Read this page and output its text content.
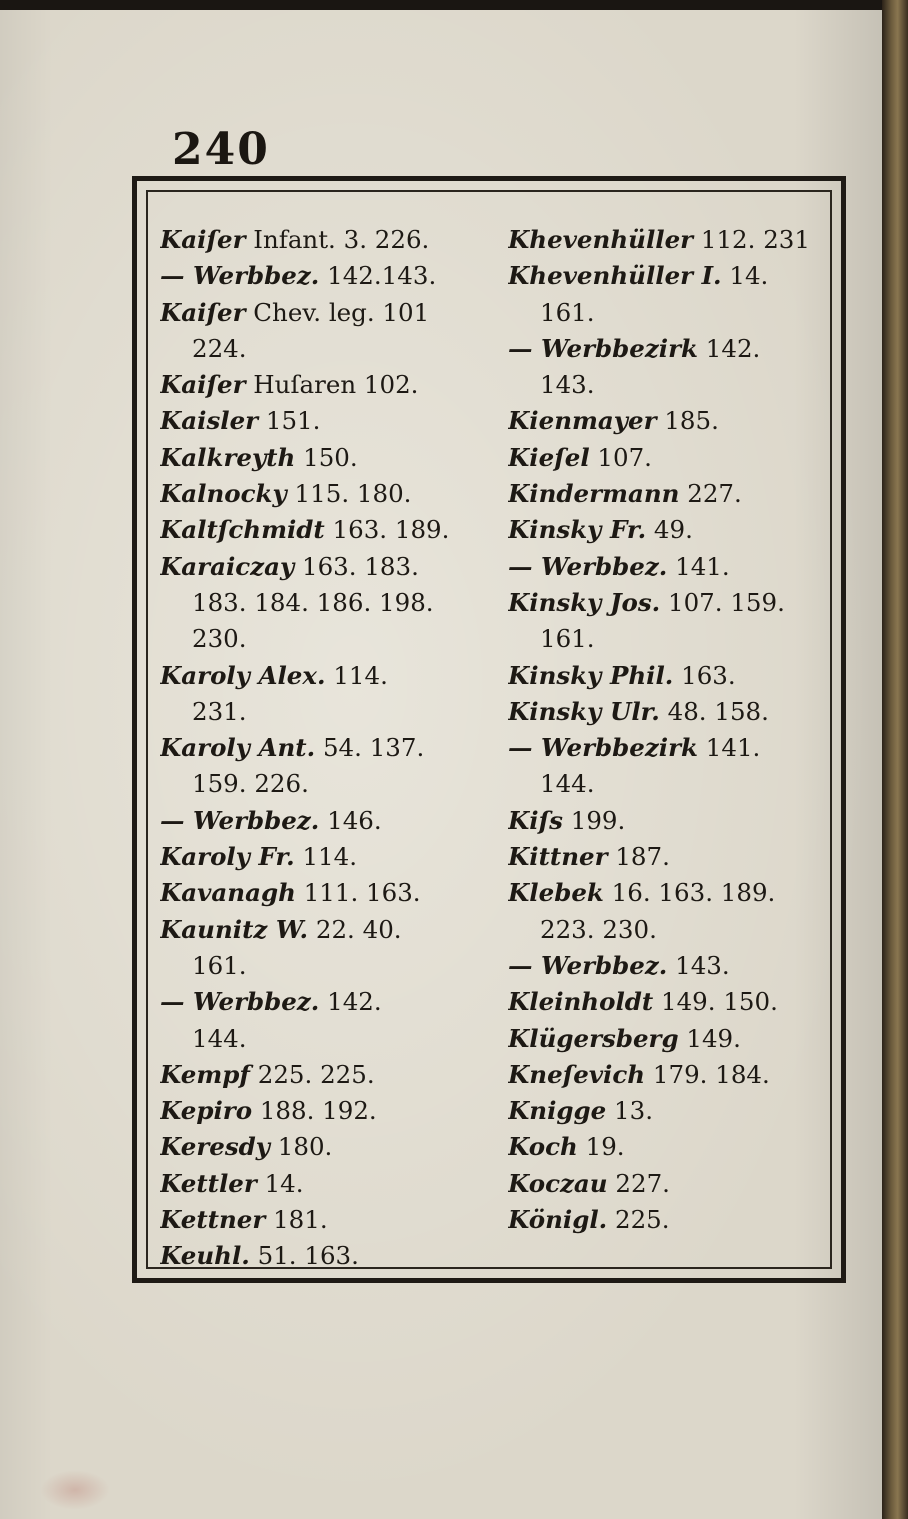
240
Kaiſer Infant. 3. 226.
— Werbbez. 142.143.
Kaiſer Chev. leg. 101
224.
Kaiſer Huſaren 102.
Kaisler 151.
Kalkreyth 150.
Kalnocky 115. 180.
Kaltſchmidt 163. 189.
Karaiczay 163. 183.
183. 184. 186. 198.
230.
Karoly Alex. 114.
231.
Karoly Ant. 54. 137.
159. 226.
— Werbbez. 146.
Karoly Fr. 114.
Kavanagh 111. 163.
Kaunitz W. 22. 40.
161.
— Werbbez. 142.
144.
Kempf 225. 225.
Kepiro 188. 192.
Keresdy 180.
Kettler 14.
Kettner 181.
Keuhl. 51. 163.
Khevenhüller 112. 231
Khevenhüller I. 14.
161.
— Werbbezirk 142.
143.
Kienmayer 185.
Kieſel 107.
Kindermann 227.
Kinsky Fr. 49.
— Werbbez. 141.
Kinsky Jos. 107. 159.
161.
Kinsky Phil. 163.
Kinsky Ulr. 48. 158.
— Werbbezirk 141.
144.
Kiſs 199.
Kittner 187.
Klebek 16. 163. 189.
223. 230.
— Werbbez. 143.
Kleinholdt 149. 150.
Klügersberg 149.
Kneſevich 179. 184.
Knigge 13.
Koch 19.
Koczau 227.
Königl. 225.
